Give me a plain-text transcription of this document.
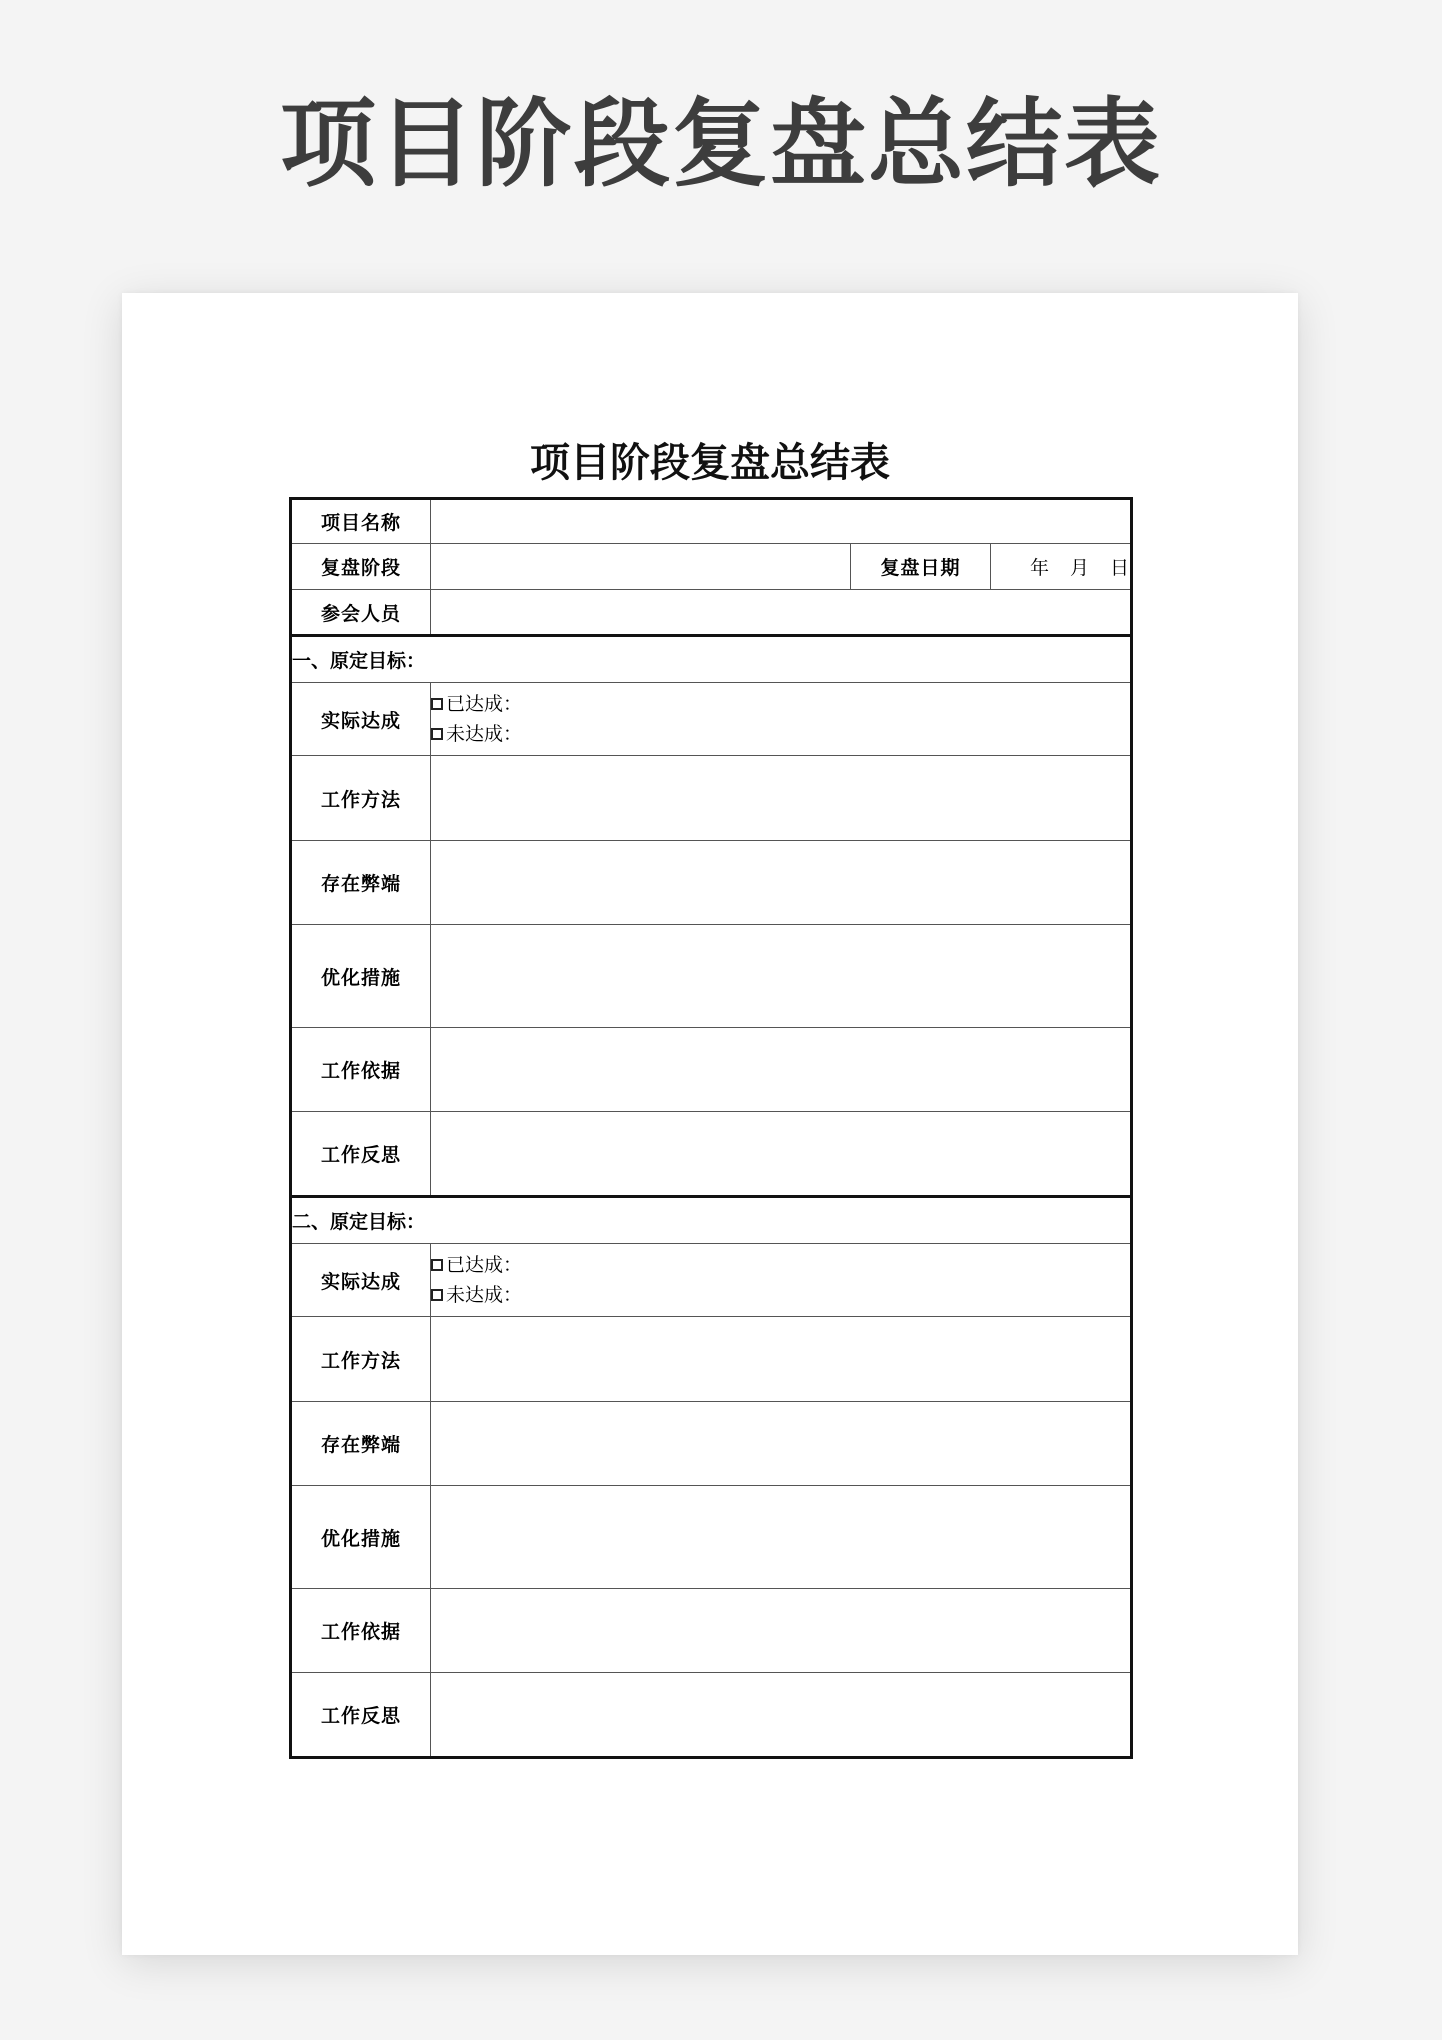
项目阶段复盘总结表
项目阶段复盘总结表
项目名称			
复盘阶段		复盘日期	年 月 日
参会人员			
一、原定目标：			
实际达成	已达成：
未达成：		

工作方法			
存在弊端			
优化措施			
工作依据			
工作反思			
二、原定目标：			
实际达成	已达成：
未达成：		

工作方法			
存在弊端			
优化措施			
工作依据			
工作反思			
